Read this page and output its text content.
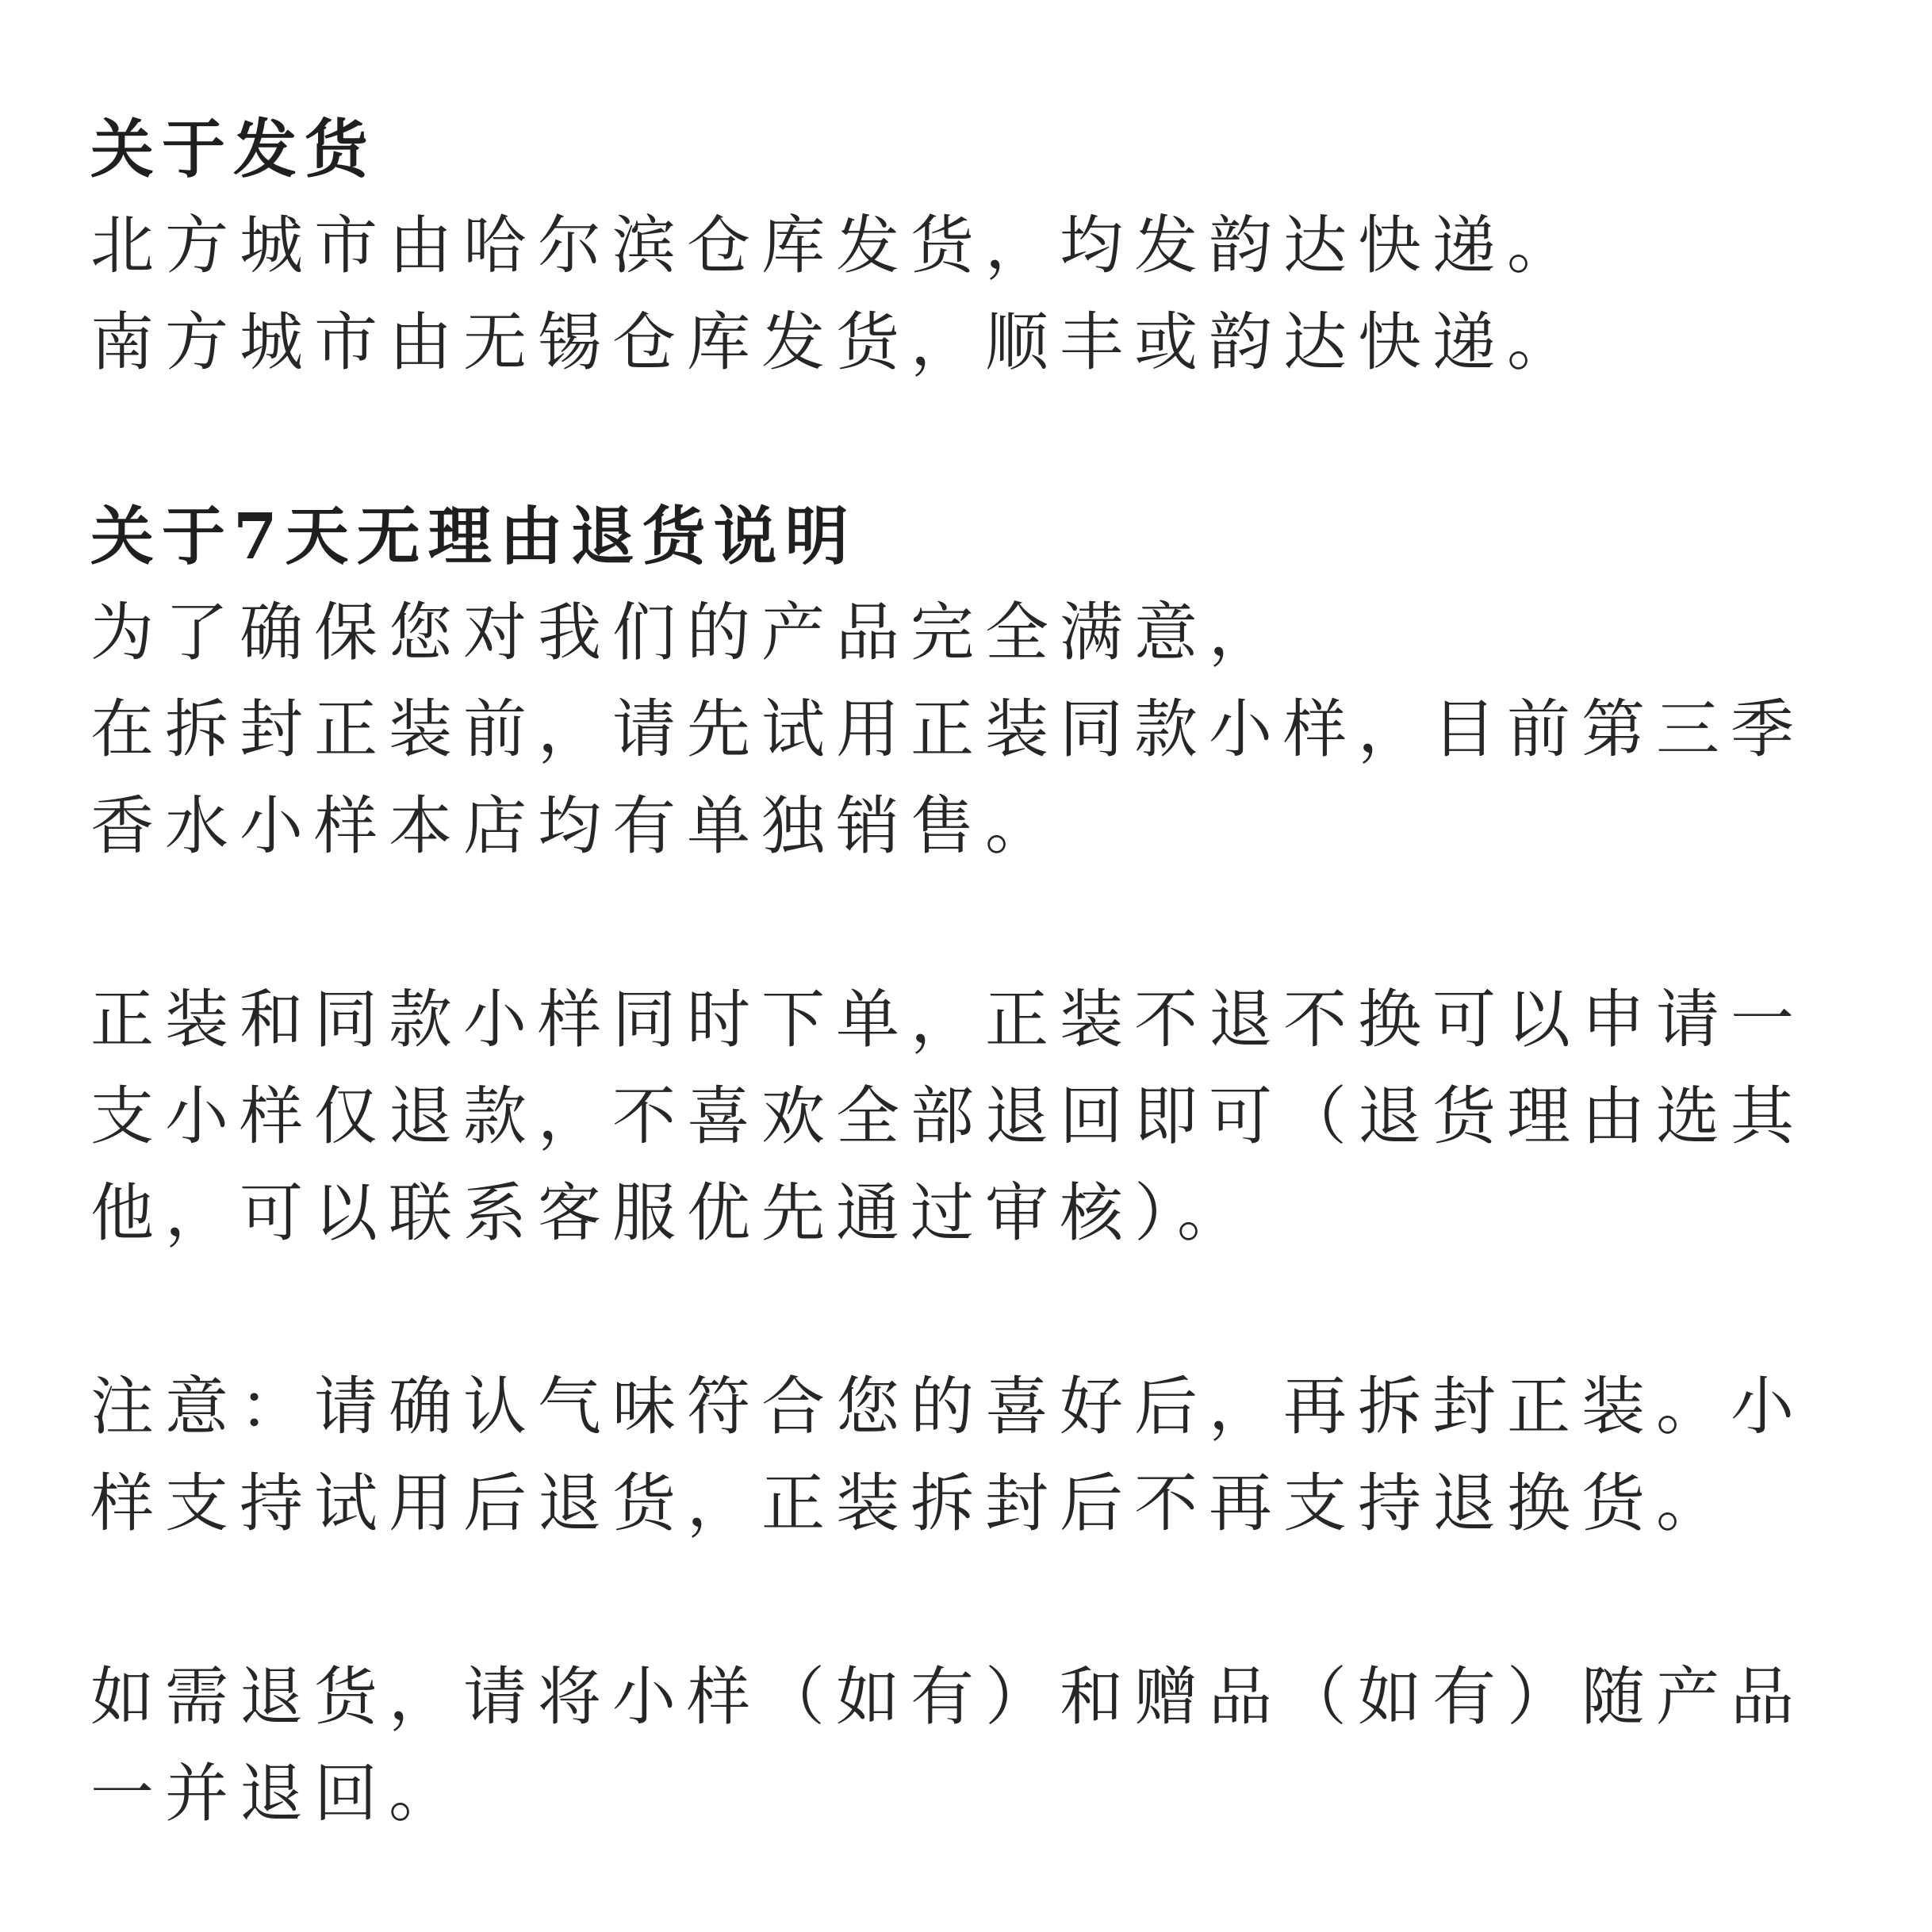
关于发货
北方城市由哈尔滨仓库发货，均发韵达快递。
南方城市由无锡仓库发货，顺丰或韵达快递。
关于7天无理由退货说明
为了确保您对我们的产品完全满意，
在拆封正装前，请先试用正装同款小样，目前第三季
香水小样本店均有单独销售。
正装和同款小样同时下单，正装不退不换可以申请一
支小样仅退款，不喜欢全部退回即可（退货理由选其
他，可以联系客服优先通过审核）。
注意：请确认气味符合您的喜好后，再拆封正装。小
样支持试用后退货，正装拆封后不再支持退换货。
如需退货，请将小样（如有）和赠品（如有）随产品
一并退回。
